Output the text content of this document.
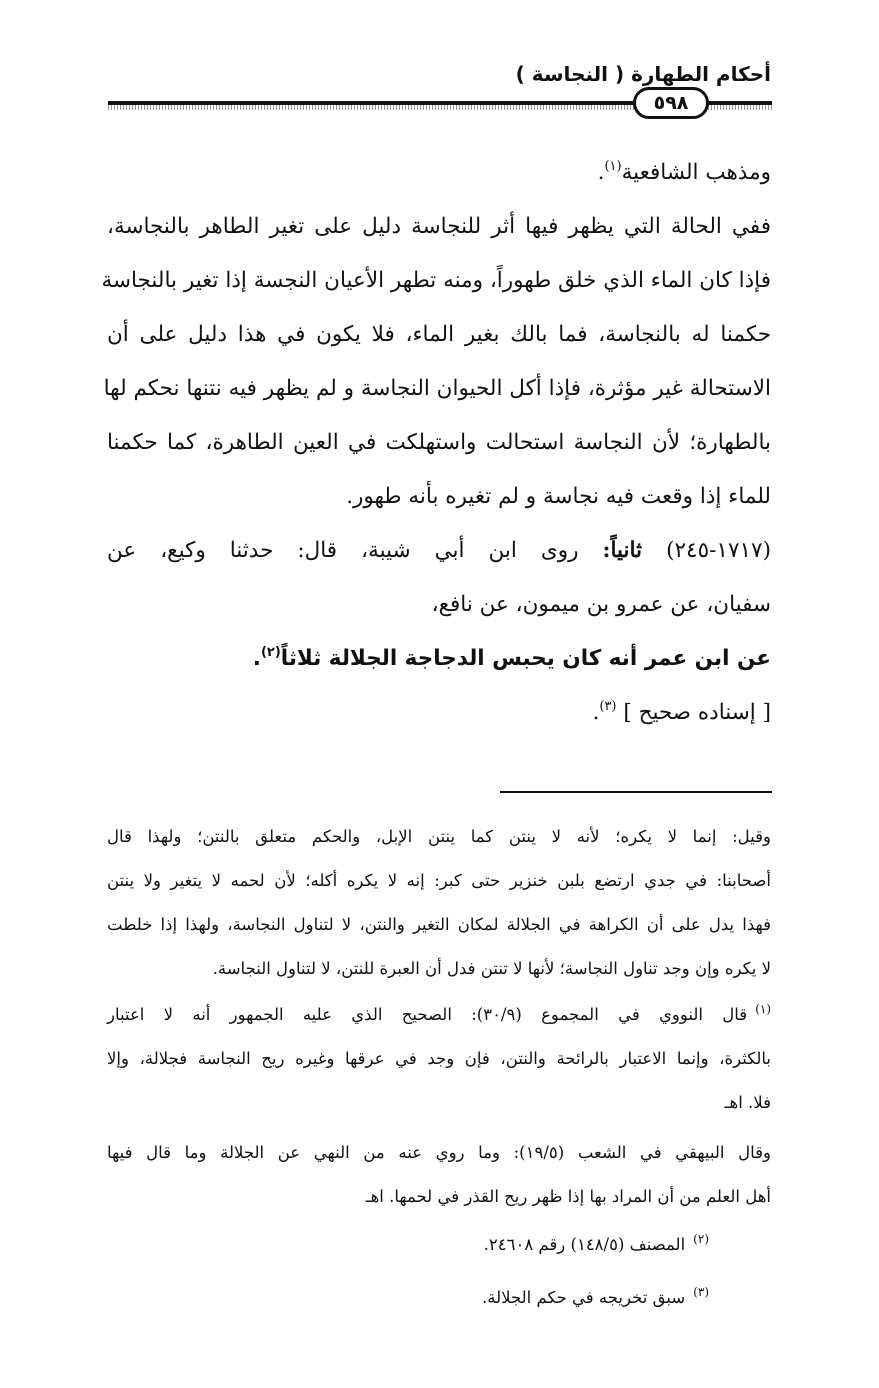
أحكام الطهارة ( النجاسة )
٥٩٨
ومذهب الشافعية$^{(١)}$.
ففي الحالة التي يظهر فيها أثر للنجاسة دليل على تغير الطاهر بالنجاسة،
فإذا كان الماء الذي خلق طهوراً، ومنه تطهر الأعيان النجسة إذا تغير بالنجاسة
حكمنا له بالنجاسة، فما بالك بغير الماء، فلا يكون في هذا دليل على أن
الاستحالة غير مؤثرة، فإذا أكل الحيوان النجاسة و لم يظهر فيه نتنها نحكم لها
بالطهارة؛ لأن النجاسة استحالت واستهلكت في العين الطاهرة، كما حكمنا
للماء إذا وقعت فيه نجاسة و لم تغيره بأنه طهور.
(١٧١٧-٢٤٥) ثانياً: روى ابن أبي شيبة، قال: حدثنا وكيع، عن
سفيان، عن عمرو بن ميمون، عن نافع،
عن ابن عمر أنه كان يحبس الدجاجة الجلالة ثلاثاً$^{(٢)}$.
[ إسناده صحيح ] $^{(٣)}$.
وقيل: إنما لا يكره؛ لأنه لا ينتن كما ينتن الإبل، والحكم متعلق بالنتن؛ ولهذا قال
أصحابنا: في جدي ارتضع بلبن خنزير حتى كبر: إنه لا يكره أكله؛ لأن لحمه لا يتغير ولا ينتن
فهذا يدل على أن الكراهة في الجلالة لمكان التغير والنتن، لا لتناول النجاسة، ولهذا إذا خلطت
لا يكره وإن وجد تناول النجاسة؛ لأنها لا تنتن فدل أن العبرة للنتن، لا لتناول النجاسة.
$^{(١)}$قال النووي في المجموع (٣٠/٩): الصحيح الذي عليه الجمهور أنه لا اعتبار
بالكثرة، وإنما الاعتبار بالرائحة والنتن، فإن وجد في عرقها وغيره ريح النجاسة فجلالة، وإلا
فلا. اهـ
وقال البيهقي في الشعب (١٩/٥): وما روي عنه من النهي عن الجلالة وما قال فيها
أهل العلم من أن المراد بها إذا ظهر ريح القذر في لحمها. اهـ
$^{(٢)}$المصنف (١٤٨/٥) رقم ٢٤٦٠٨.
$^{(٣)}$سبق تخريجه في حكم الجلالة.
